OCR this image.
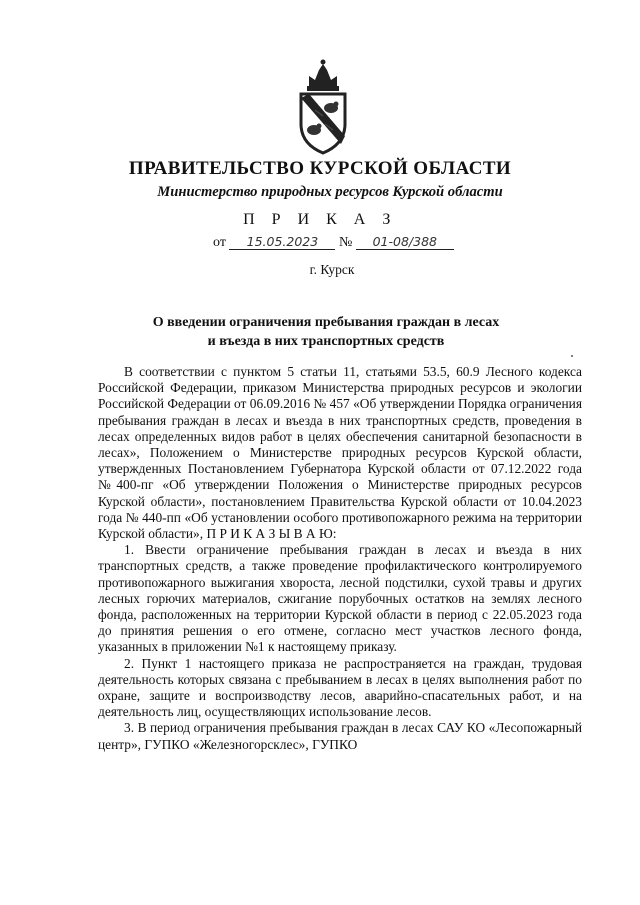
ПРАВИТЕЛЬСТВО КУРСКОЙ ОБЛАСТИ
Министерство природных ресурсов Курской области
П Р И К А З
от 15.05.2023 № 01-08/388
г. Курск
О введении ограничения пребывания граждан в лесах
и въезда в них транспортных средств

В соответствии с пунктом 5 статьи 11, статьями 53.5, 60.9 Лесного кодекса Российской Федерации, приказом Министерства природных ресурсов и экологии Российской Федерации от 06.09.2016 № 457 «Об утверждении Порядка ограничения пребывания граждан в лесах и въезда в них транспортных средств, проведения в лесах определенных видов работ в целях обеспечения санитарной безопасности в лесах», Положением о Министерстве природных ресурсов Курской области, утвержденных Постановлением Губернатора Курской области от 07.12.2022 года №400-пг «Об утверждении Положения о Министерстве природных ресурсов Курской области», постановлением Правительства Курской области от 10.04.2023 года № 440-пп «Об установлении особого противопожарного режима на территории Курской области», П Р И К А З Ы В А Ю:

1. Ввести ограничение пребывания граждан в лесах и въезда в них транспортных средств, а также проведение профилактического контролируемого противопожарного выжигания хвороста, лесной подстилки, сухой травы и других лесных горючих материалов, сжигание порубочных остатков на землях лесного фонда, расположенных на территории Курской области в период с 22.05.2023 года до принятия решения о его отмене, согласно мест участков лесного фонда, указанных в приложении №1 к настоящему приказу.

2. Пункт 1 настоящего приказа не распространяется на граждан, трудовая деятельность которых связана с пребыванием в лесах в целях выполнения работ по охране, защите и воспроизводству лесов, аварийно-спасательных работ, и на деятельность лиц, осуществляющих использование лесов.

3. В период ограничения пребывания граждан в лесах САУ КО «Лесопожарный центр», ГУПКО «Железногорсклес», ГУПКО
